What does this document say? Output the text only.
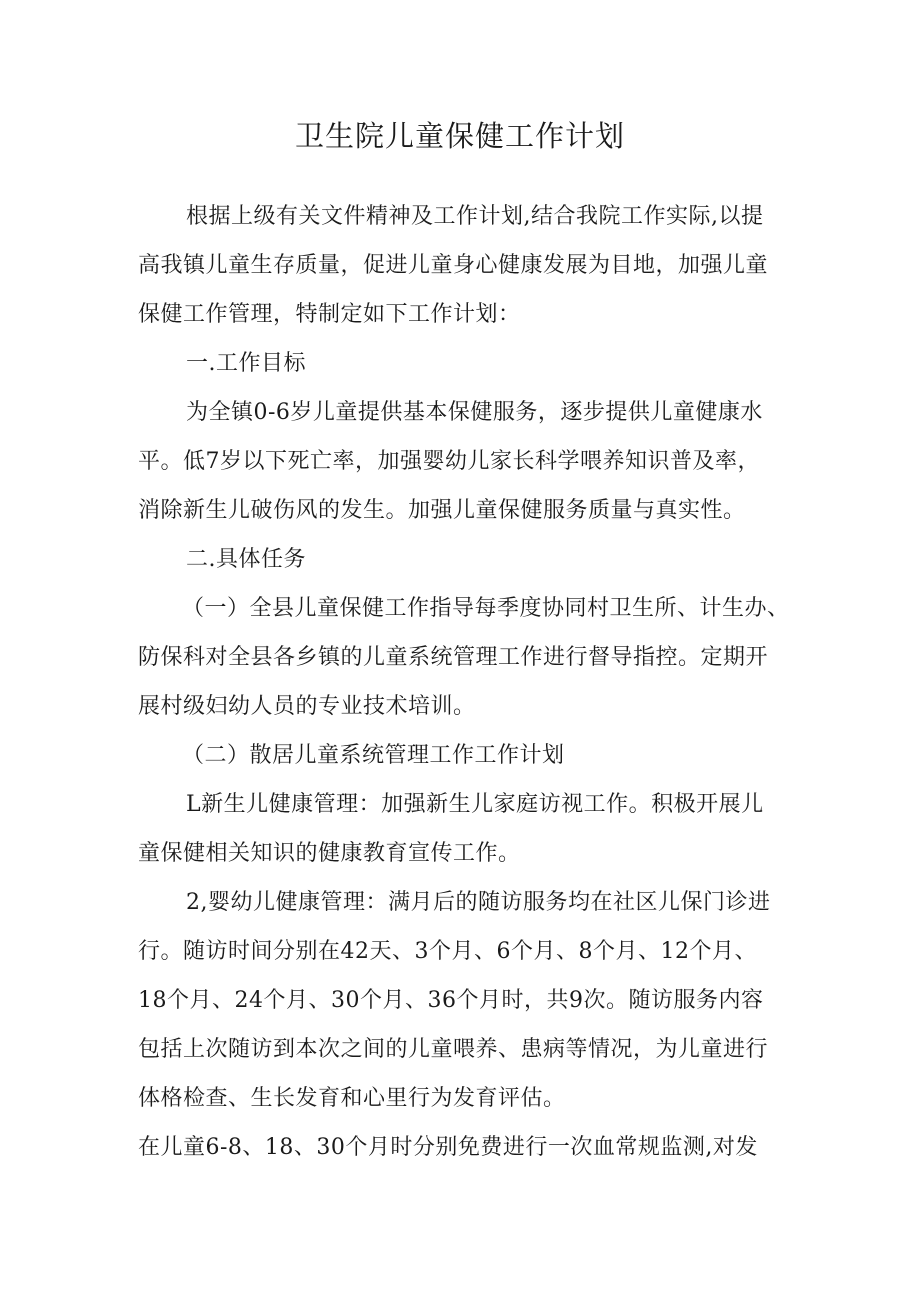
卫生院儿童保健工作计划
根据上级有关文件精神及工作计划,结合我院工作实际,以提
高我镇儿童生存质量，促进儿童身心健康发展为目地，加强儿童
保健工作管理，特制定如下工作计划：
一.工作目标
为全镇0-6岁儿童提供基本保健服务，逐步提供儿童健康水
平。低7岁以下死亡率，加强婴幼儿家长科学喂养知识普及率，
消除新生儿破伤风的发生。加强儿童保健服务质量与真实性。
二.具体任务
（一）全县儿童保健工作指导每季度协同村卫生所、计生办、
防保科对全县各乡镇的儿童系统管理工作进行督导指控。定期开
展村级妇幼人员的专业技术培训。
（二）散居儿童系统管理工作工作计划
L新生儿健康管理：加强新生儿家庭访视工作。积极开展儿
童保健相关知识的健康教育宣传工作。
2,婴幼儿健康管理：满月后的随访服务均在社区儿保门诊进
行。随访时间分别在42天、3个月、6个月、8个月、12个月、
18个月、24个月、30个月、36个月时，共9次。随访服务内容
包括上次随访到本次之间的儿童喂养、患病等情况，为儿童进行
体格检查、生长发育和心里行为发育评估。
在儿童6-8、18、30个月时分别免费进行一次血常规监测,对发
